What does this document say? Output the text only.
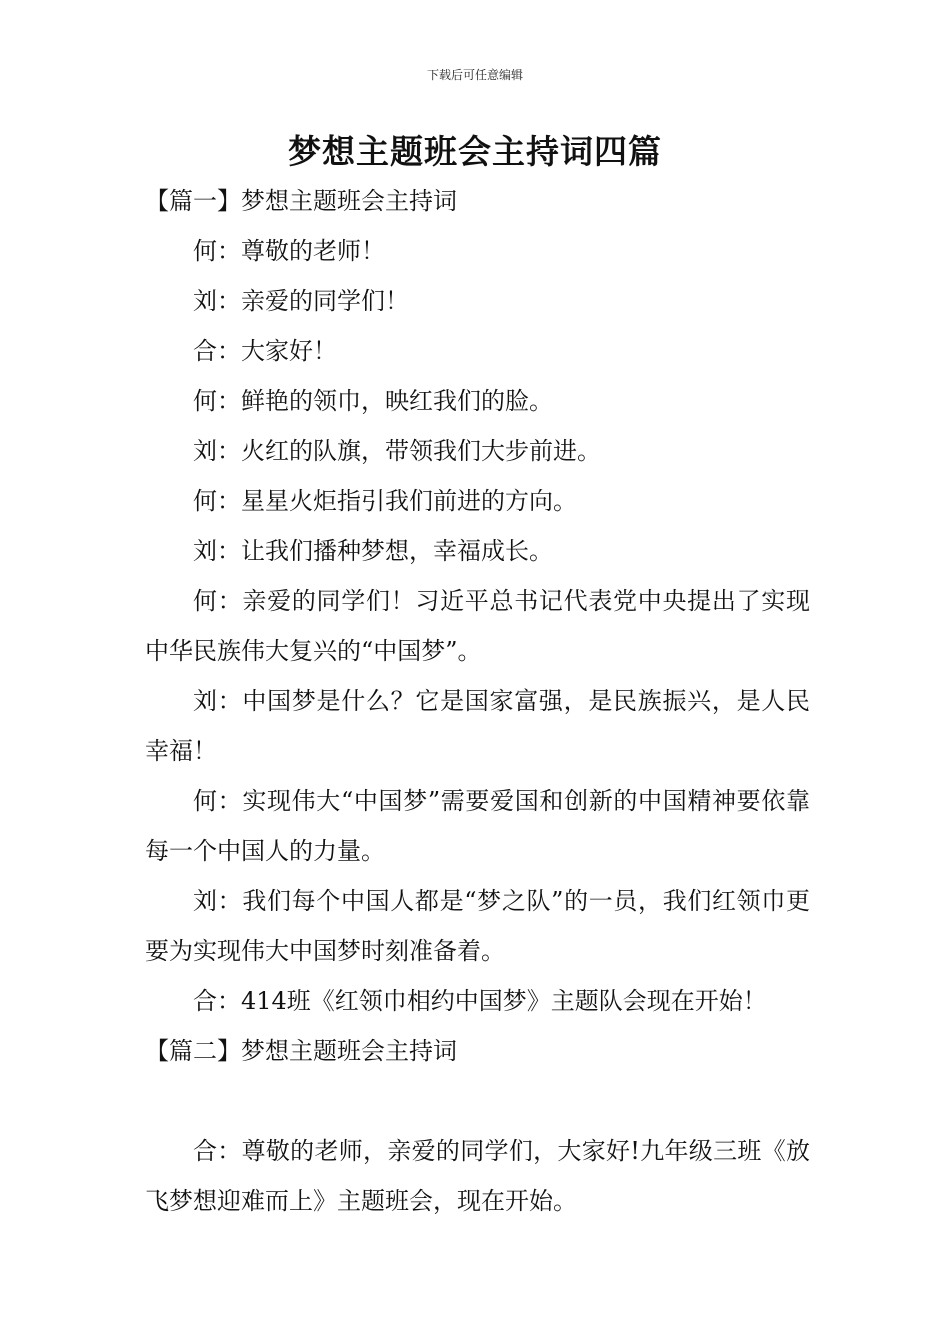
下载后可任意编辑
梦想主题班会主持词四篇

【篇一】梦想主题班会主持词

何：尊敬的老师！

刘：亲爱的同学们！

合：大家好！

何：鲜艳的领巾，映红我们的脸。

刘：火红的队旗，带领我们大步前进。

何：星星火炬指引我们前进的方向。

刘：让我们播种梦想，幸福成长。

何：亲爱的同学们！习近平总书记代表党中央提出了实现中华民族伟大复兴的“中国梦”。

刘：中国梦是什么？它是国家富强，是民族振兴，是人民幸福！

何：实现伟大“中国梦”需要爱国和创新的中国精神要依靠每一个中国人的力量。

刘：我们每个中国人都是“梦之队”的一员，我们红领巾更要为实现伟大中国梦时刻准备着。

合：414班《红领巾相约中国梦》主题队会现在开始！

【篇二】梦想主题班会主持词

合：尊敬的老师，亲爱的同学们，大家好!九年级三班《放飞梦想迎难而上》主题班会，现在开始。
